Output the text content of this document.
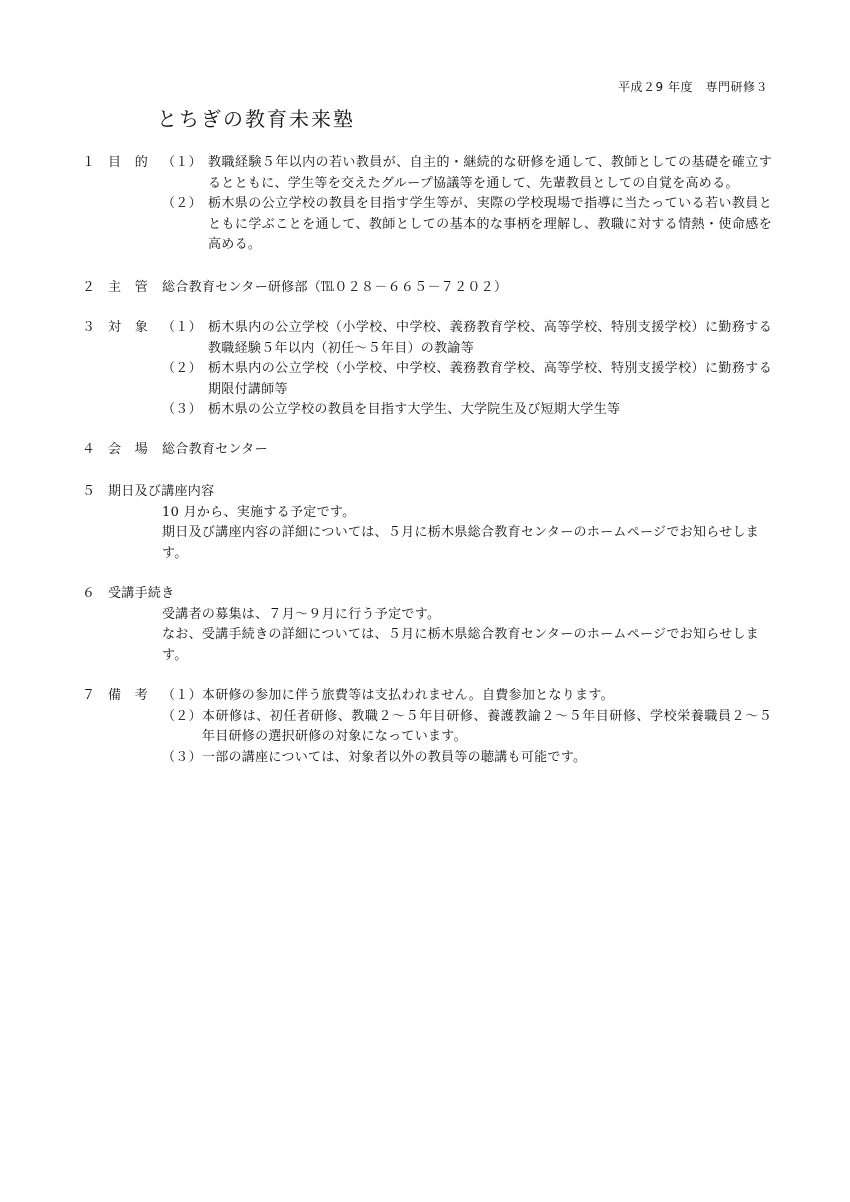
平成２9 年度　専門研修３
とちぎの教育未来塾
１ 目 的 （１） 教職経験５年以内の若い教員が、自主的・継続的な研修を通して、教師としての基礎を確立するとともに、学生等を交えたグループ協議等を通して、先輩教員としての自覚を高める。
（２） 栃木県の公立学校の教員を目指す学生等が、実際の学校現場で指導に当たっている若い教員とともに学ぶことを通して、教師としての基本的な事柄を理解し、教職に対する情熱・使命感を高める。
２ 主 管 総合教育センター研修部（℡０２８－６６５－７２０２）
３ 対 象 （１） 栃木県内の公立学校（小学校、中学校、義務教育学校、高等学校、特別支援学校）に勤務する教職経験５年以内（初任～５年目）の教諭等
（２） 栃木県内の公立学校（小学校、中学校、義務教育学校、高等学校、特別支援学校）に勤務する期限付講師等
（３） 栃木県の公立学校の教員を目指す大学生、大学院生及び短期大学生等
４ 会 場 総合教育センター
５ 期日及び講座内容
10 月から、実施する予定です。
期日及び講座内容の詳細については、５月に栃木県総合教育センターのホームページでお知らせします。
６ 受講手続き
受講者の募集は、７月～９月に行う予定です。
なお、受講手続きの詳細については、５月に栃木県総合教育センターのホームページでお知らせします。
７ 備 考 （１） 本研修の参加に伴う旅費等は支払われません。自費参加となります。
（２） 本研修は、初任者研修、教職２～５年目研修、養護教諭２～５年目研修、学校栄養職員２～５年目研修の選択研修の対象になっています。
（３） 一部の講座については、対象者以外の教員等の聴講も可能です。
